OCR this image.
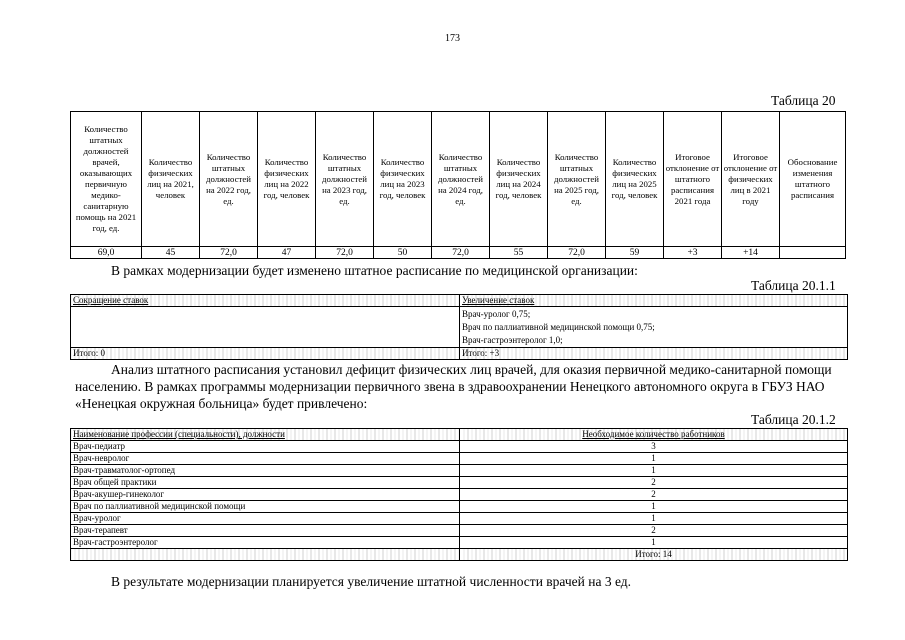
173
Таблица 20
Количество штатных должностей врачей, оказывающих первичную медико-санитарную помощь на 2021 год, ед.	Количество физических лиц на 2021, человек	Количество штатных должностей на 2022 год, ед.	Количество физических лиц на 2022 год, человек	Количество штатных должностей на 2023 год, ед.	Количество физических лиц на 2023 год, человек	Количество штатных должностей на 2024 год, ед.	Количество физических лиц на 2024 год, человек	Количество штатных должностей на 2025 год, ед.	Количество физических лиц на 2025 год, человек	Итоговое отклонение от штатного расписания 2021 года	Итоговое отклонение от физических лиц в 2021 году	Обоснование изменения штатного расписания
69,0	45	72,0	47	72,0	50	72,0	55	72,0	59	+3	+14	
В рамках модернизации будет изменено штатное расписание по медицинской организации:
Таблица 20.1.1
Сокращение ставок	Увеличение ставок

	Врач-уролог 0,75;
Врач по паллиативной медицинской помощи 0,75;
Врач-гастроэнтеролог 1,0;

Итого: 0	Итого: +3
Анализ штатного расписания установил дефицит физических лиц врачей, для оказия первичной медико-санитарной помощи населению. В рамках программы модернизации первичного звена в здравоохранении Ненецкого автономного округа в ГБУЗ НАО «Ненецкая окружная больница» будет привлечено:
Таблица 20.1.2
Наименование профессии (специальности), должности	Необходимое количество работников
Врач-педиатр	3
Врач-невролог	1
Врач-травматолог-ортопед	1
Врач общей практики	2
Врач-акушер-гинеколог	2
Врач по паллиативной медицинской помощи	1
Врач-уролог	1
Врач-терапевт	2
Врач-гастроэнтеролог	1
	Итого: 14
В результате модернизации планируется увеличение штатной численности врачей на 3 ед.
